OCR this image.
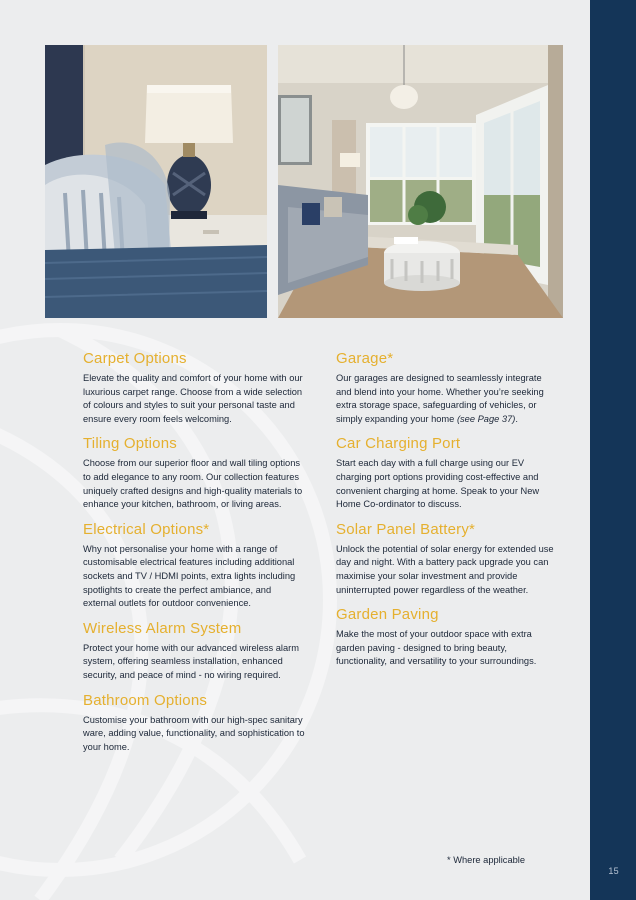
Carpet Options

Elevate the quality and comfort of your home with our luxurious carpet range. Choose from a wide selection of colours and styles to suit your personal taste and ensure every room feels welcoming.

Tiling Options

Choose from our superior floor and wall tiling options to add elegance to any room. Our collection features uniquely crafted designs and high-quality materials to enhance your kitchen, bathroom, or living areas.

Electrical Options*

Why not personalise your home with a range of customisable electrical features including additional sockets and TV / HDMI points, extra lights including spotlights to create the perfect ambiance, and external outlets for outdoor convenience.

Wireless Alarm System

Protect your home with our advanced wireless alarm system, offering seamless installation, enhanced security, and peace of mind - no wiring required.

Bathroom Options

Customise your bathroom with our high-spec sanitary ware, adding value, functionality, and sophistication to your home.

Garage*

Our garages are designed to seamlessly integrate and blend into your home. Whether you’re seeking extra storage space, safeguarding of vehicles, or simply expanding your home (see Page 37).

Car Charging Port

Start each day with a full charge using our EV charging port options providing cost-effective and convenient charging at home. Speak to your New Home Co-ordinator to discuss.

Solar Panel Battery*

Unlock the potential of solar energy for extended use day and night. With a battery pack upgrade you can maximise your solar investment and provide uninterrupted power regardless of the weather.

Garden Paving

Make the most of your outdoor space with extra garden paving - designed to bring beauty, functionality, and versatility to your surroundings.

* Where applicable
15
